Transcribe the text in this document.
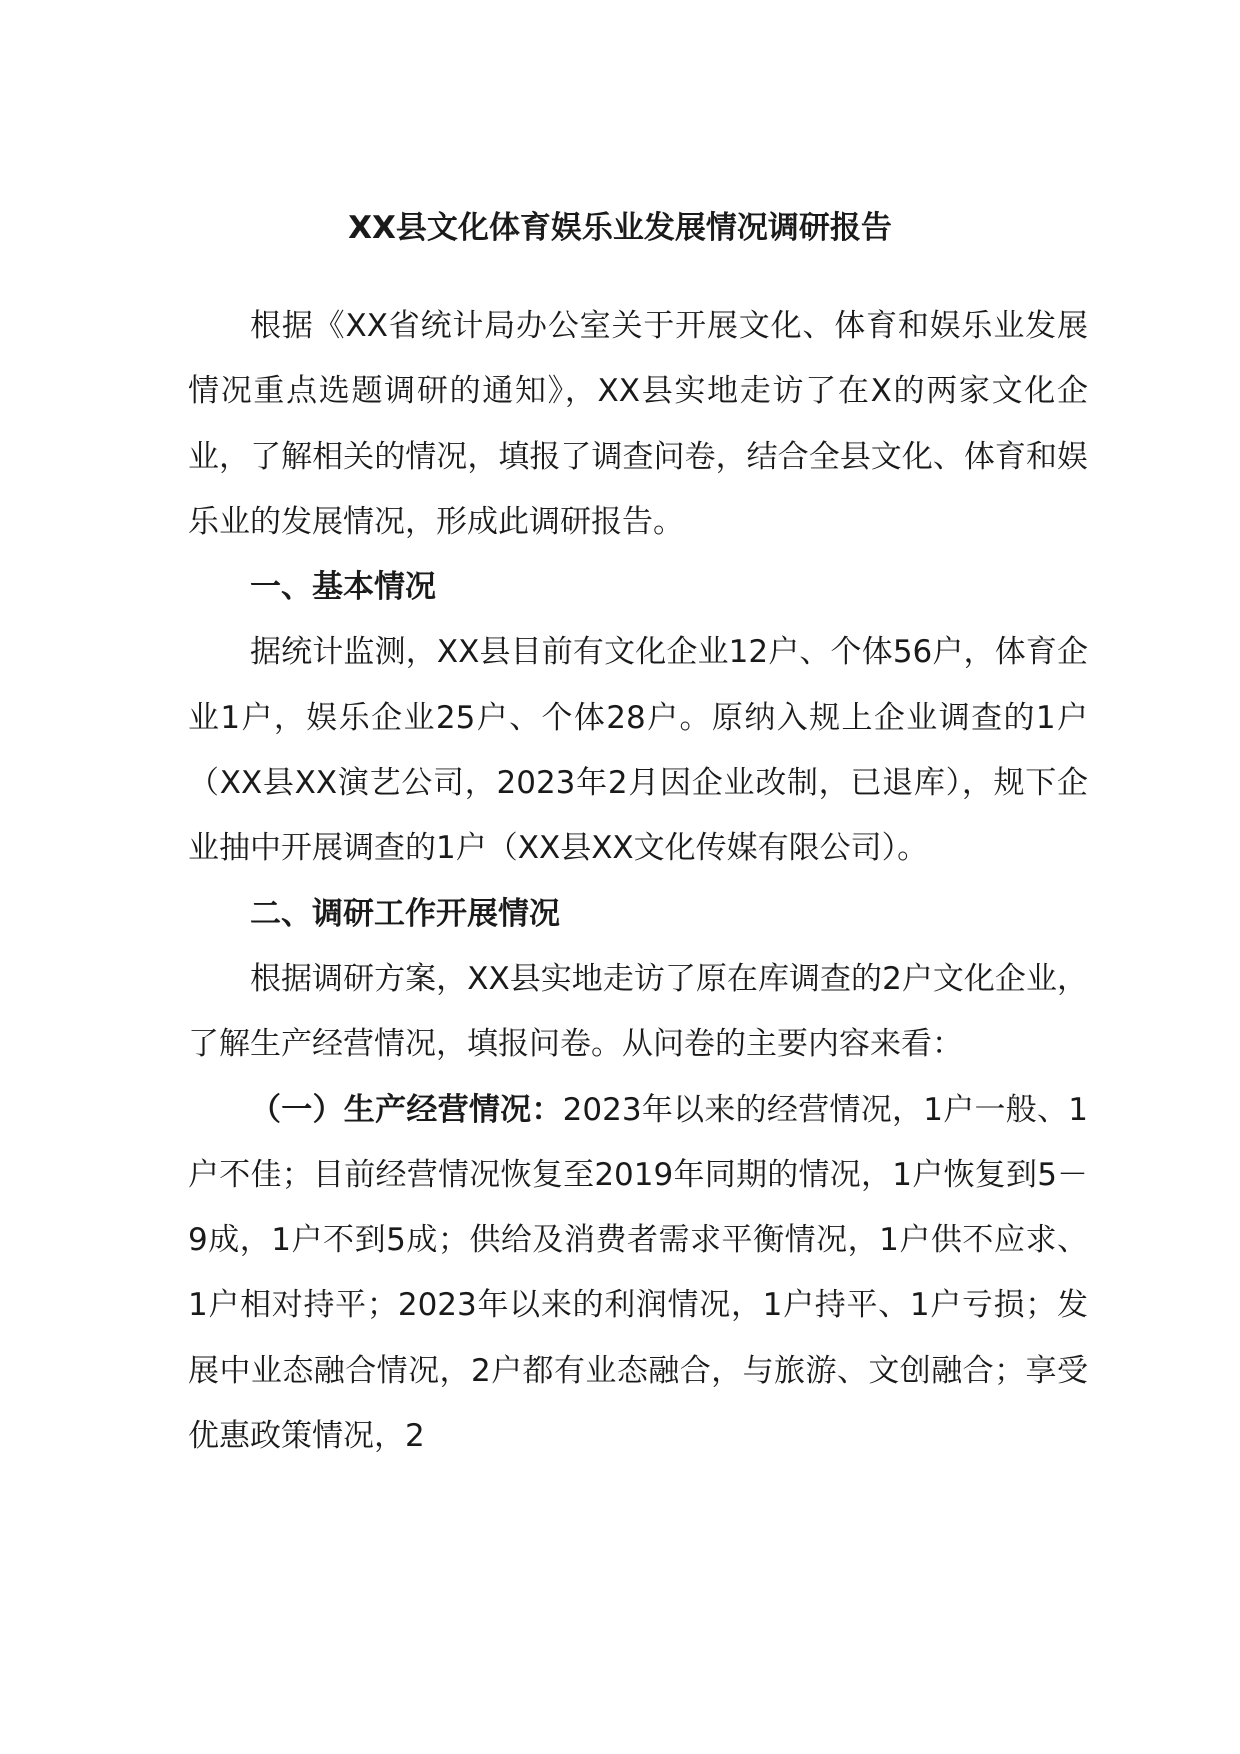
XX县文化体育娱乐业发展情况调研报告

根据《XX省统计局办公室关于开展文化、体育和娱乐业发展情况重点选题调研的通知》，XX县实地走访了在X的两家文化企业，了解相关的情况，填报了调查问卷，结合全县文化、体育和娱乐业的发展情况，形成此调研报告。

一、基本情况

据统计监测，XX县目前有文化企业12户、个体56户，体育企业1户，娱乐企业25户、个体28户。原纳入规上企业调查的1户（XX县XX演艺公司，2023年2月因企业改制，已退库），规下企业抽中开展调查的1户（XX县XX文化传媒有限公司）。

二、调研工作开展情况

根据调研方案，XX县实地走访了原在库调查的2户文化企业，了解生产经营情况，填报问卷。从问卷的主要内容来看：

（一）生产经营情况：2023年以来的经营情况，1户一般、1户不佳；目前经营情况恢复至2019年同期的情况，1户恢复到5－9成，1户不到5成；供给及消费者需求平衡情况，1户供不应求、1户相对持平；2023年以来的利润情况，1户持平、1户亏损；发展中业态融合情况，2户都有业态融合，与旅游、文创融合；享受优惠政策情况，2
